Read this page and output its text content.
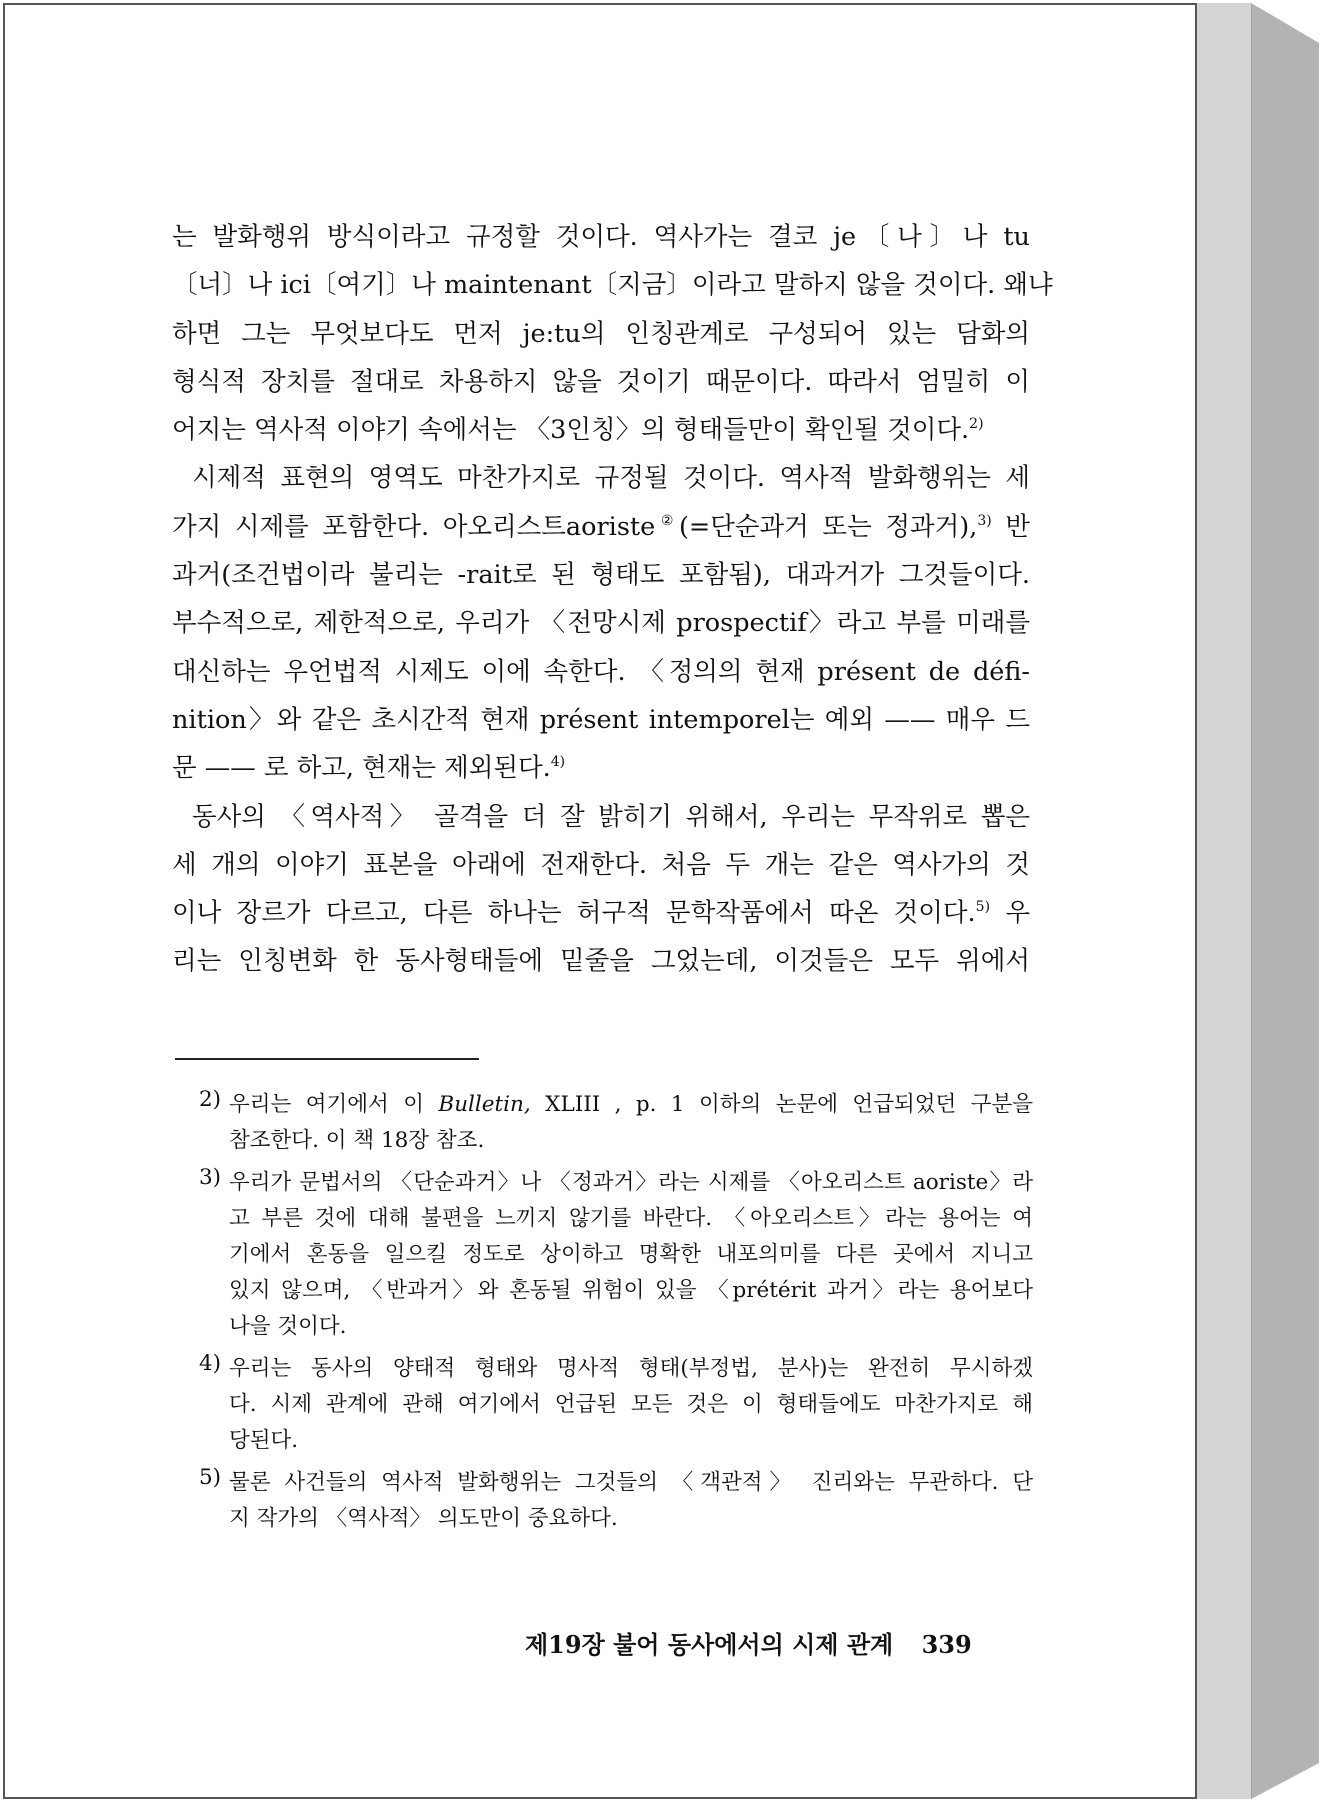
는 발화행위 방식이라고 규정할 것이다. 역사가는 결코 je〔나〕나 tu
〔너〕나 ici〔여기〕나 maintenant〔지금〕이라고 말하지 않을 것이다. 왜냐
하면 그는 무엇보다도 먼저 je:tu의 인칭관계로 구성되어 있는 담화의
형식적 장치를 절대로 차용하지 않을 것이기 때문이다. 따라서 엄밀히 이
어지는 역사적 이야기 속에서는 〈3인칭〉의 형태들만이 확인될 것이다.$^{2)}$
시제적 표현의 영역도 마찬가지로 규정될 것이다. 역사적 발화행위는 세
가지 시제를 포함한다. 아오리스트aoriste②(=단순과거 또는 정과거),$^{3)}$ 반
과거(조건법이라 불리는 -rait로 된 형태도 포함됨), 대과거가 그것들이다.
부수적으로, 제한적으로, 우리가 〈전망시제 prospectif〉라고 부를 미래를
대신하는 우언법적 시제도 이에 속한다. 〈정의의 현재 présent de défi-
nition〉와 같은 초시간적 현재 présent intemporel는 예외 —— 매우 드
문 —— 로 하고, 현재는 제외된다.$^{4)}$
동사의 〈역사적〉 골격을 더 잘 밝히기 위해서, 우리는 무작위로 뽑은
세 개의 이야기 표본을 아래에 전재한다. 처음 두 개는 같은 역사가의 것
이나 장르가 다르고, 다른 하나는 허구적 문학작품에서 따온 것이다.$^{5)}$ 우
리는 인칭변화 한 동사형태들에 밑줄을 그었는데, 이것들은 모두 위에서
2) 우리는 여기에서 이 Bulletin, XLIII , p. 1 이하의 논문에 언급되었던 구분을
참조한다. 이 책 18장 참조.
3) 우리가 문법서의 〈단순과거〉나 〈정과거〉라는 시제를 〈아오리스트 aoriste〉라
고 부른 것에 대해 불편을 느끼지 않기를 바란다. 〈아오리스트〉라는 용어는 여
기에서 혼동을 일으킬 정도로 상이하고 명확한 내포의미를 다른 곳에서 지니고
있지 않으며, 〈반과거〉와 혼동될 위험이 있을 〈prétérit 과거〉라는 용어보다
나을 것이다.
4) 우리는 동사의 양태적 형태와 명사적 형태(부정법, 분사)는 완전히 무시하겠
다. 시제 관계에 관해 여기에서 언급된 모든 것은 이 형태들에도 마찬가지로 해
당된다.
5) 물론 사건들의 역사적 발화행위는 그것들의 〈객관적〉 진리와는 무관하다. 단
지 작가의 〈역사적〉 의도만이 중요하다.
제19장 불어 동사에서의 시제 관계 339
